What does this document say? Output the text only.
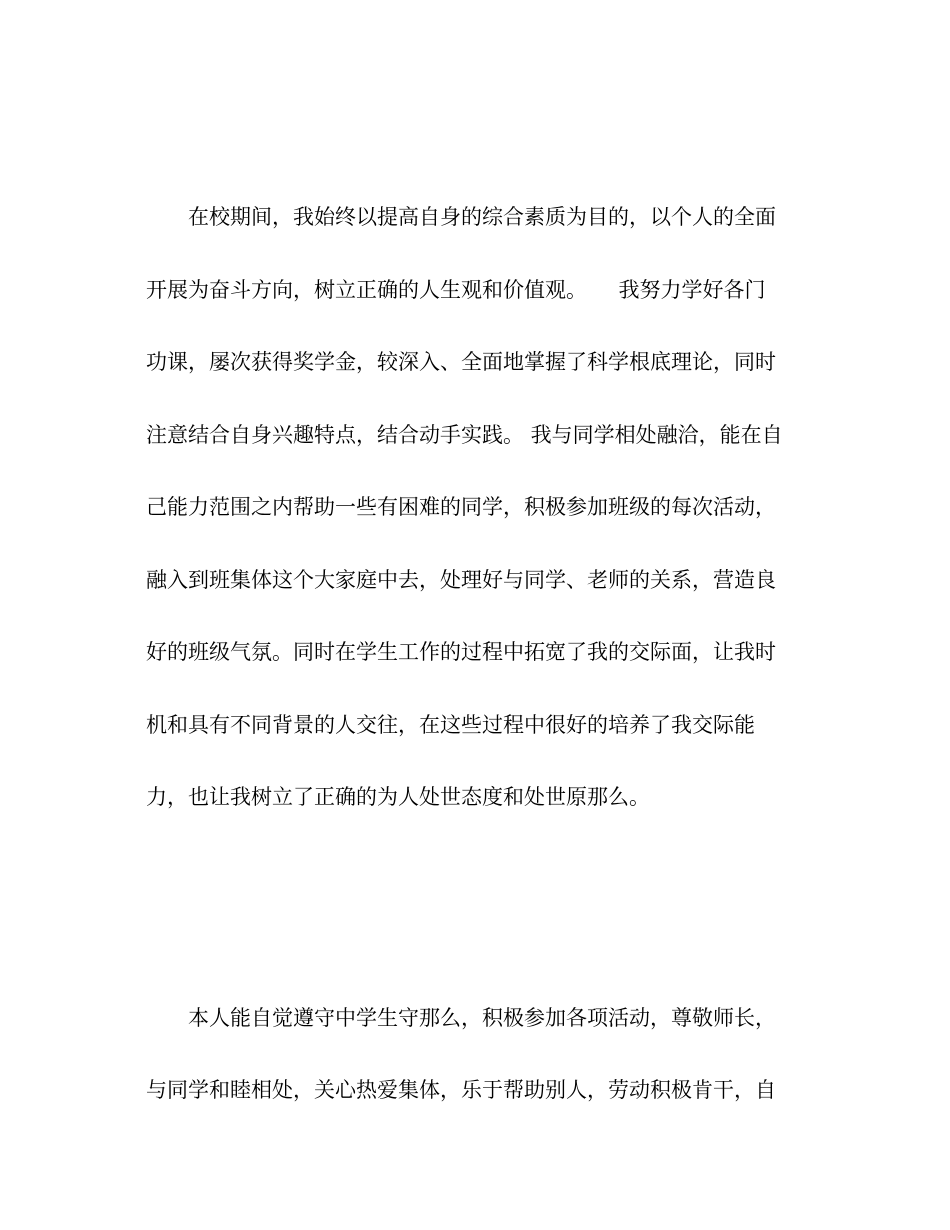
在校期间，我始终以提高自身的综合素质为目的，以个人的全面
开展为奋斗方向，树立正确的人生观和价值观。　　我努力学好各门
功课，屡次获得奖学金，较深入、全面地掌握了科学根底理论，同时
注意结合自身兴趣特点，结合动手实践。 我与同学相处融洽，能在自
己能力范围之内帮助一些有困难的同学，积极参加班级的每次活动，
融入到班集体这个大家庭中去，处理好与同学、老师的关系，营造良
好的班级气氛。同时在学生工作的过程中拓宽了我的交际面，让我时
机和具有不同背景的人交往，在这些过程中很好的培养了我交际能
力，也让我树立了正确的为人处世态度和处世原那么。
本人能自觉遵守中学生守那么，积极参加各项活动，尊敬师长，
与同学和睦相处，关心热爱集体，乐于帮助别人，劳动积极肯干，自
